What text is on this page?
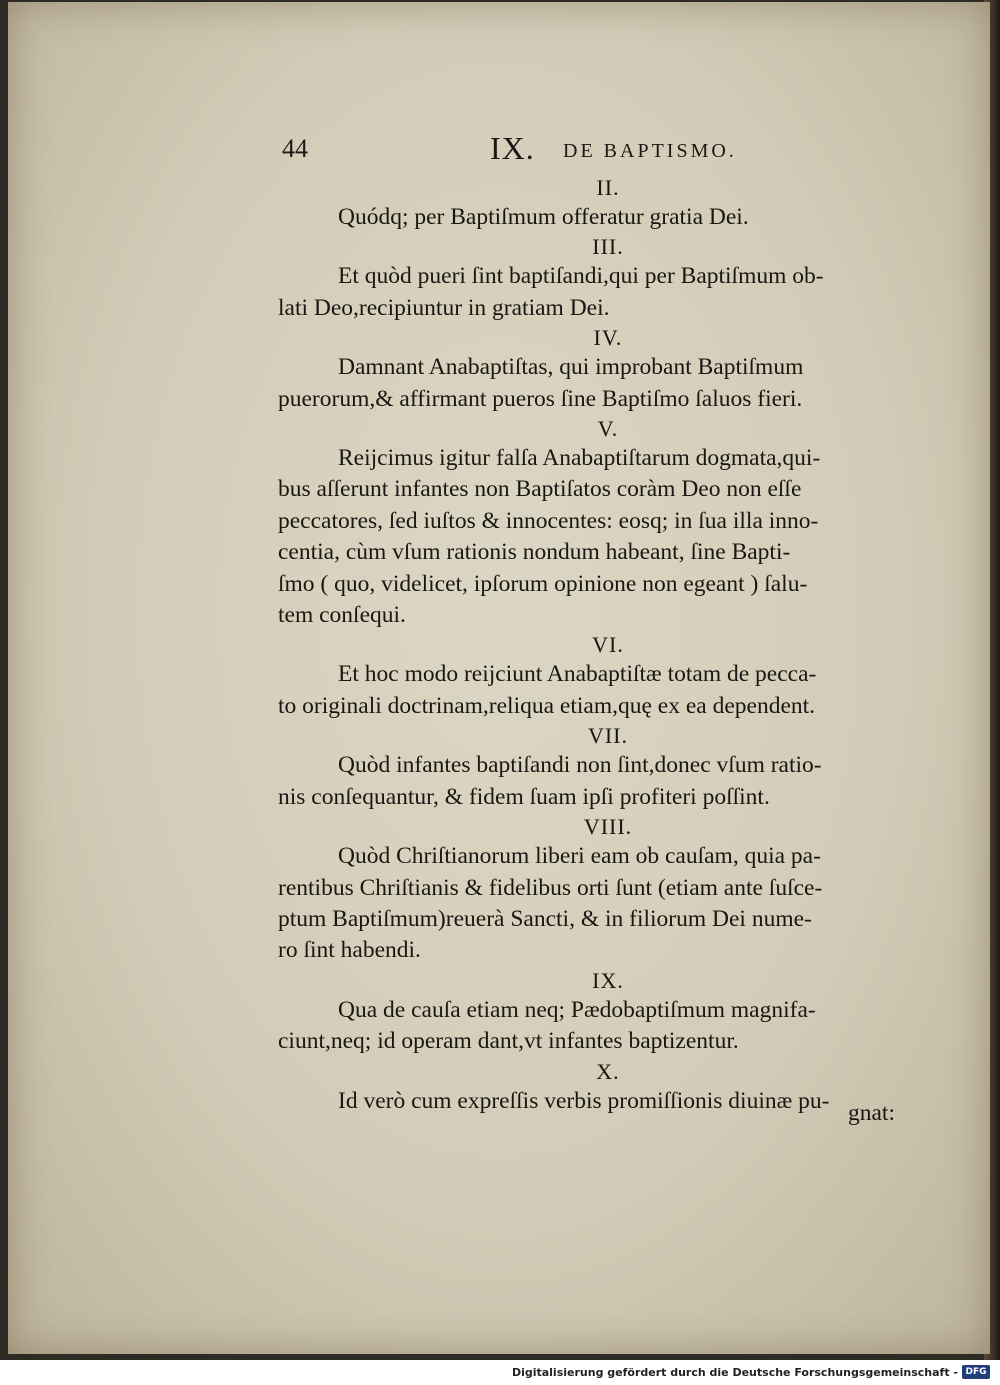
44	IX. DE BAPTISMO.
II.
Quódq; per Baptiſmum offeratur gratia Dei.
III.
Et quòd pueri ſint baptiſandi,qui per Baptiſmum ob-
lati Deo,recipiuntur in gratiam Dei.
IV.
Damnant Anabaptiſtas, qui improbant Baptiſmum
puerorum,& affirmant pueros ſine Baptiſmo ſaluos fieri.
V.
Reijcimus igitur falſa Anabaptiſtarum dogmata,qui-
bus aſſerunt infantes non Baptiſatos coràm Deo non eſſe
peccatores, ſed iuſtos & innocentes: eosq; in ſua illa inno-
centia, cùm vſum rationis nondum habeant, ſine Bapti-
ſmo ( quo, videlicet, ipſorum opinione non egeant ) ſalu-
tem conſequi.
VI.
Et hoc modo reijciunt Anabaptiſtæ totam de pecca-
to originali doctrinam,reliqua etiam,quę ex ea dependent.
VII.
Quòd infantes baptiſandi non ſint,donec vſum ratio-
nis conſequantur, & fidem ſuam ipſi profiteri poſſint.
VIII.
Quòd Chriſtianorum liberi eam ob cauſam, quia pa-
rentibus Chriſtianis & fidelibus orti ſunt (etiam ante ſuſce-
ptum Baptiſmum)reuerà Sancti, & in filiorum Dei nume-
ro ſint habendi.
IX.
Qua de cauſa etiam neq; Pædobaptiſmum magnifa-
ciunt,neq; id operam dant,vt infantes baptizentur.
X.
Id verò cum expreſſis verbis promiſſionis diuinæ pu- gnat:
Digitalisierung gefördert durch die Deutsche Forschungsgemeinschaft - DFG
